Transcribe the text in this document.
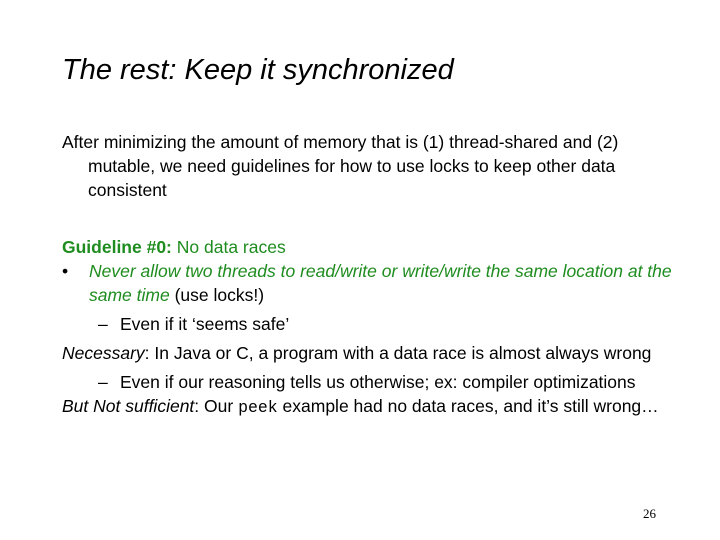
The rest: Keep it synchronized

After minimizing the amount of memory that is (1) thread-shared and (2) mutable, we need guidelines for how to use locks to keep other data consistent

Guideline #0: No data races

• Never allow two threads to read/write or write/write the same location at the same time (use locks!)
– Even if it ‘seems safe’

Necessary: In Java or C, a program with a data race is almost always wrong

– Even if our reasoning tells us otherwise; ex: compiler optimizations

But Not sufficient: Our peek example had no data races, and it’s still wrong…

26
